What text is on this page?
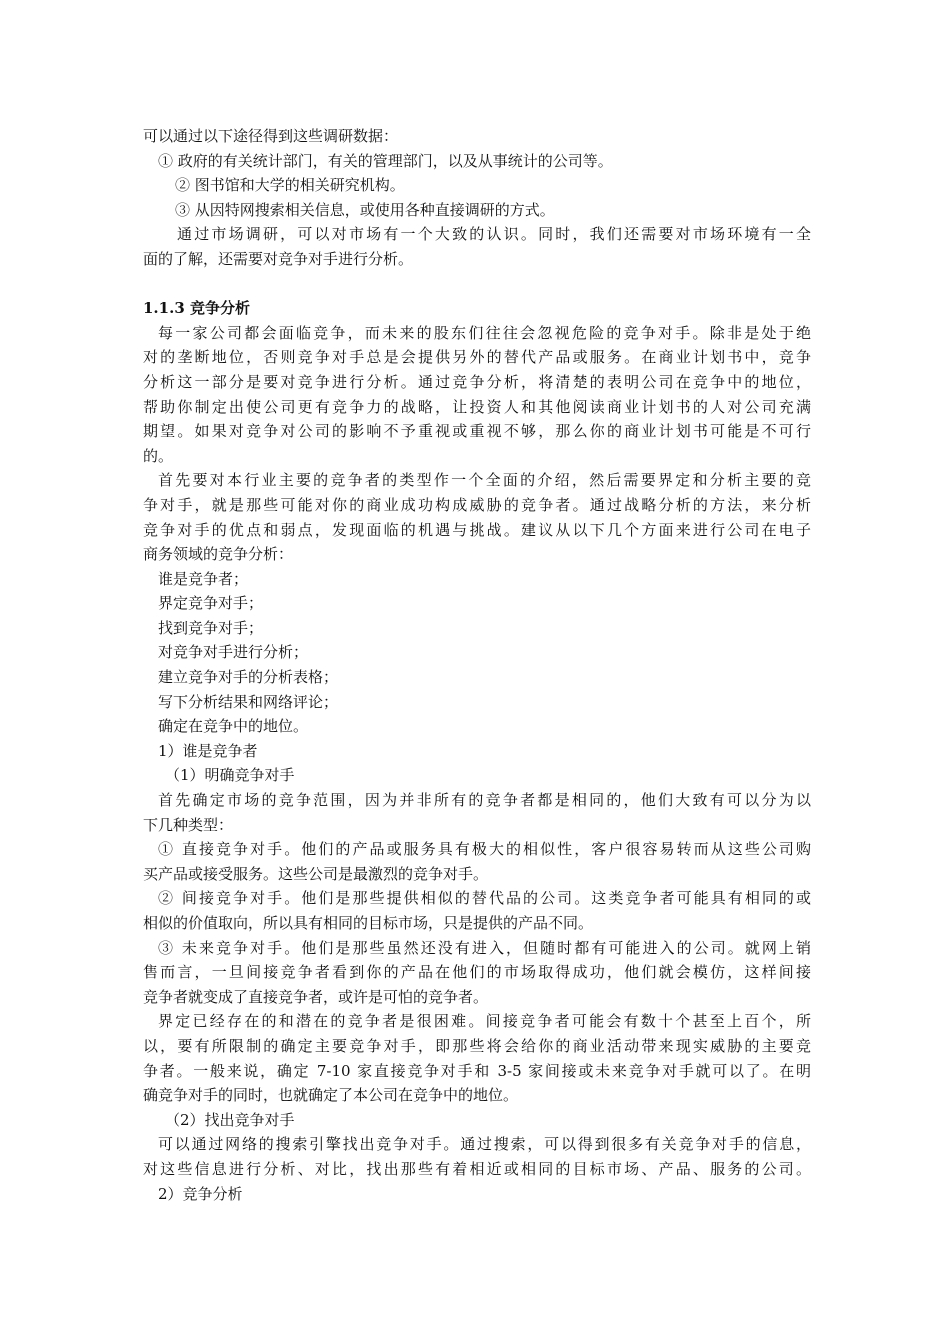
可以通过以下途径得到这些调研数据：
① 政府的有关统计部门，有关的管理部门，以及从事统计的公司等。
② 图书馆和大学的相关研究机构。
③ 从因特网搜索相关信息，或使用各种直接调研的方式。
通过市场调研，可以对市场有一个大致的认识。同时，我们还需要对市场环境有一全
面的了解，还需要对竞争对手进行分析。
1.1.3 竞争分析
每一家公司都会面临竞争，而未来的股东们往往会忽视危险的竞争对手。除非是处于绝
对的垄断地位，否则竞争对手总是会提供另外的替代产品或服务。在商业计划书中，竞争
分析这一部分是要对竞争进行分析。通过竞争分析，将清楚的表明公司在竞争中的地位，
帮助你制定出使公司更有竞争力的战略，让投资人和其他阅读商业计划书的人对公司充满
期望。如果对竞争对公司的影响不予重视或重视不够，那么你的商业计划书可能是不可行
的。
首先要对本行业主要的竞争者的类型作一个全面的介绍，然后需要界定和分析主要的竞
争对手，就是那些可能对你的商业成功构成威胁的竞争者。通过战略分析的方法，来分析
竞争对手的优点和弱点，发现面临的机遇与挑战。建议从以下几个方面来进行公司在电子
商务领域的竞争分析：
谁是竞争者；
界定竞争对手；
找到竞争对手；
对竞争对手进行分析；
建立竞争对手的分析表格；
写下分析结果和网络评论；
确定在竞争中的地位。
1）谁是竞争者
（1）明确竞争对手
首先确定市场的竞争范围，因为并非所有的竞争者都是相同的，他们大致有可以分为以
下几种类型：
① 直接竞争对手。他们的产品或服务具有极大的相似性，客户很容易转而从这些公司购
买产品或接受服务。这些公司是最激烈的竞争对手。
② 间接竞争对手。他们是那些提供相似的替代品的公司。这类竞争者可能具有相同的或
相似的价值取向，所以具有相同的目标市场，只是提供的产品不同。
③ 未来竞争对手。他们是那些虽然还没有进入，但随时都有可能进入的公司。就网上销
售而言，一旦间接竞争者看到你的产品在他们的市场取得成功，他们就会模仿，这样间接
竞争者就变成了直接竞争者，或许是可怕的竞争者。
界定已经存在的和潜在的竞争者是很困难。间接竞争者可能会有数十个甚至上百个，所
以，要有所限制的确定主要竞争对手，即那些将会给你的商业活动带来现实威胁的主要竞
争者。一般来说，确定 7-10 家直接竞争对手和 3-5 家间接或未来竞争对手就可以了。在明
确竞争对手的同时，也就确定了本公司在竞争中的地位。
（2）找出竞争对手
可以通过网络的搜索引擎找出竞争对手。通过搜索，可以得到很多有关竞争对手的信息，
对这些信息进行分析、对比，找出那些有着相近或相同的目标市场、产品、服务的公司。
2）竞争分析
